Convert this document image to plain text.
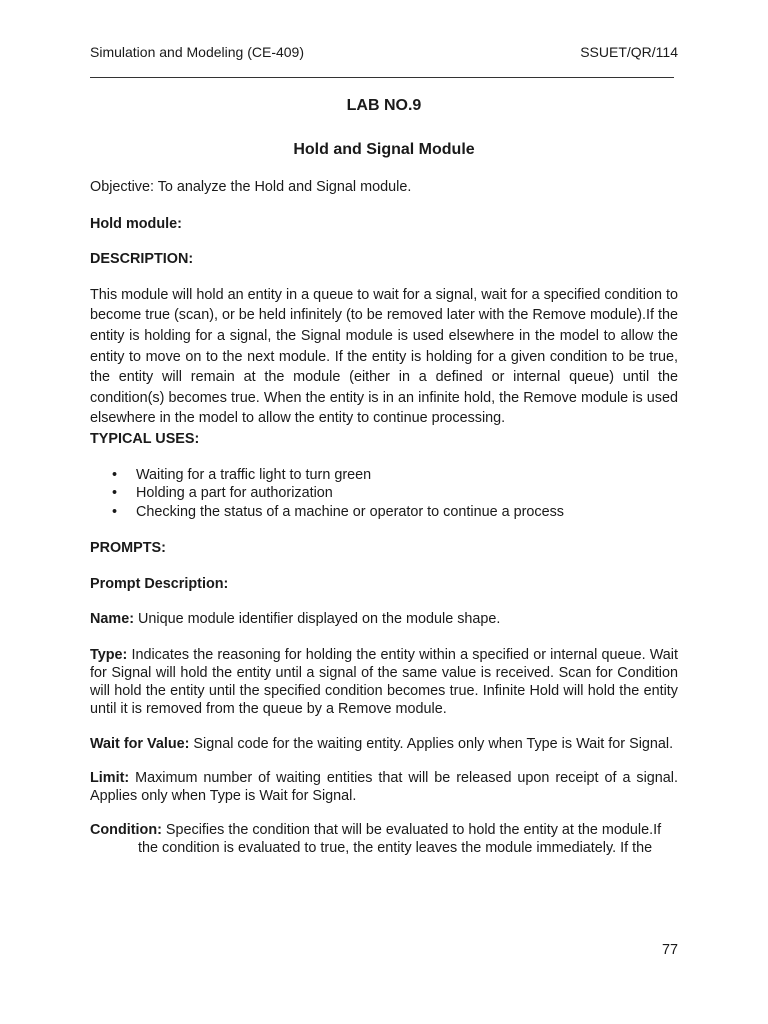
Simulation and Modeling (CE-409)	SSUET/QR/114
LAB NO.9
Hold and Signal Module

Objective: To analyze the Hold and Signal module.

Hold module:

DESCRIPTION:

This module will hold an entity in a queue to wait for a signal, wait for a specified condition to become true (scan), or be held infinitely (to be removed later with the Remove module).If the entity is holding for a signal, the Signal module is used elsewhere in the model to allow the entity to move on to the next module. If the entity is holding for a given condition to be true, the entity will remain at the module (either in a defined or internal queue) until the condition(s) becomes true. When the entity is in an infinite hold, the Remove module is used elsewhere in the model to allow the entity to continue processing.

TYPICAL USES:

• Waiting for a traffic light to turn green
• Holding a part for authorization
• Checking the status of a machine or operator to continue a process

PROMPTS:

Prompt Description:

Name: Unique module identifier displayed on the module shape.

Type: Indicates the reasoning for holding the entity within a specified or internal queue. Wait for Signal will hold the entity until a signal of the same value is received. Scan for Condition will hold the entity until the specified condition becomes true. Infinite Hold will hold the entity until it is removed from the queue by a Remove module.

Wait for Value: Signal code for the waiting entity. Applies only when Type is Wait for Signal.

Limit: Maximum number of waiting entities that will be released upon receipt of a signal. Applies only when Type is Wait for Signal.

Condition: Specifies the condition that will be evaluated to hold the entity at the module.If
the condition is evaluated to true, the entity leaves the module immediately. If the

77
